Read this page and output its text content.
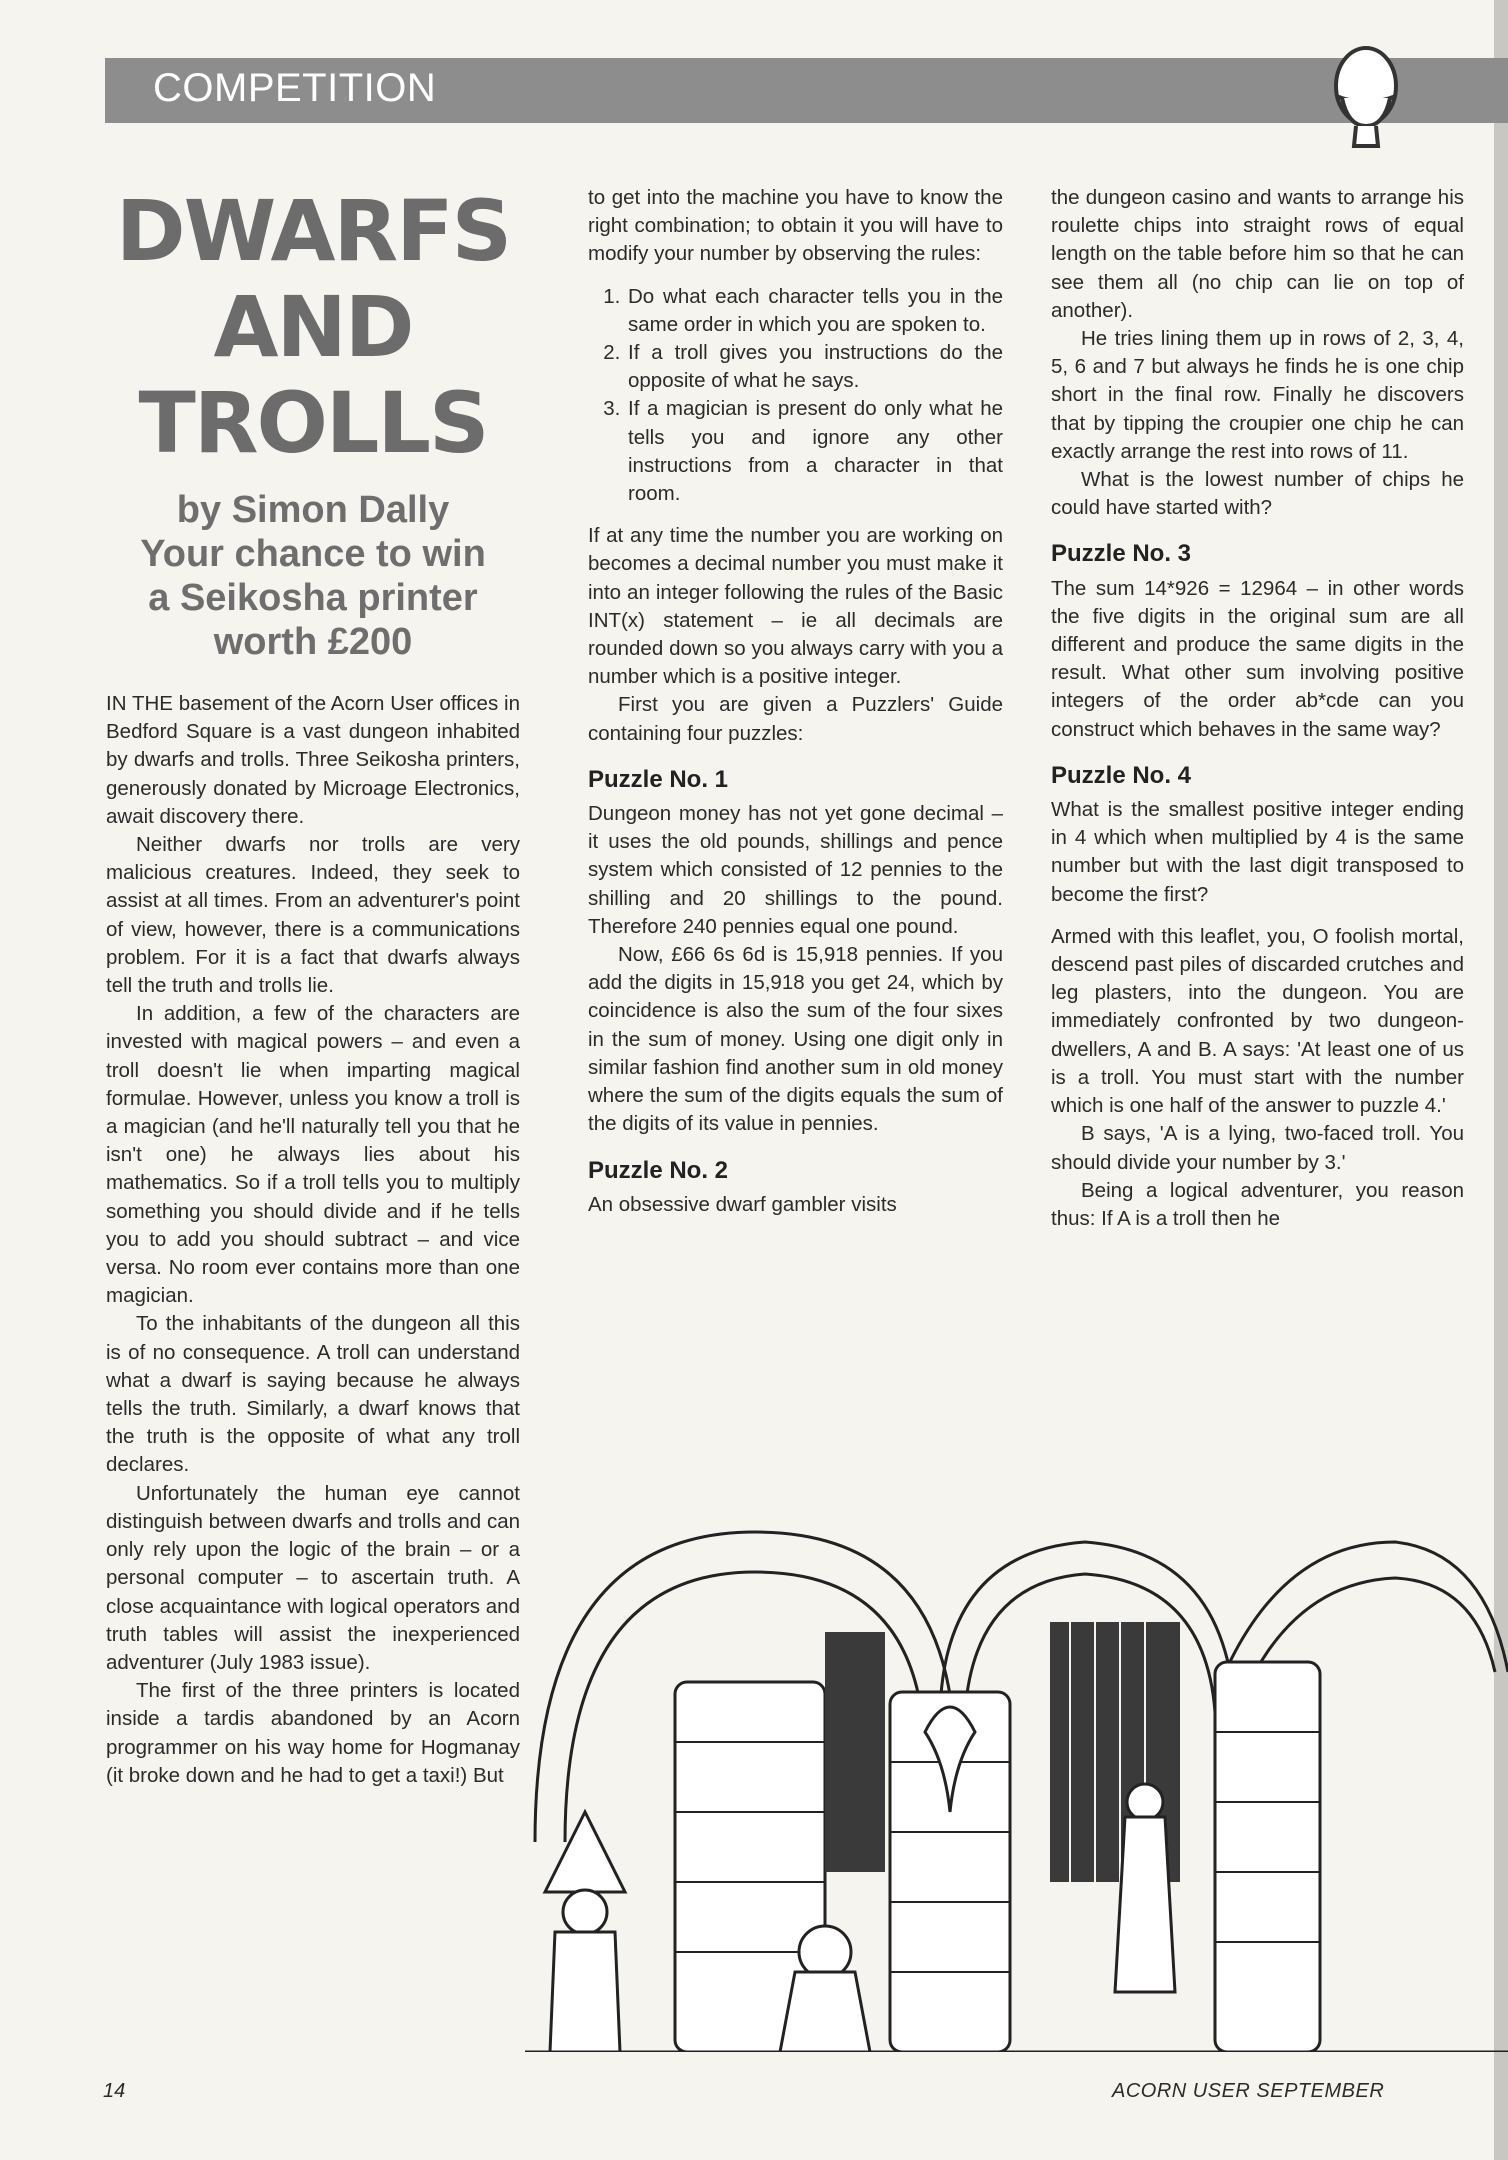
COMPETITION
DWARFS
AND
TROLLS
by Simon Dally
Your chance to win
a Seikosha printer
worth £200

IN THE basement of the Acorn User offices in Bedford Square is a vast dungeon inhabited by dwarfs and trolls. Three Seikosha printers, generously donated by Microage Electronics, await discovery there.

Neither dwarfs nor trolls are very malicious creatures. Indeed, they seek to assist at all times. From an adventurer's point of view, however, there is a communications problem. For it is a fact that dwarfs always tell the truth and trolls lie.

In addition, a few of the characters are invested with magical powers – and even a troll doesn't lie when imparting magical formulae. However, unless you know a troll is a magician (and he'll naturally tell you that he isn't one) he always lies about his mathematics. So if a troll tells you to multiply something you should divide and if he tells you to add you should subtract – and vice versa. No room ever contains more than one magician.

To the inhabitants of the dungeon all this is of no consequence. A troll can understand what a dwarf is saying because he always tells the truth. Similarly, a dwarf knows that the truth is the opposite of what any troll declares.

Unfortunately the human eye cannot distinguish between dwarfs and trolls and can only rely upon the logic of the brain – or a personal computer – to ascertain truth. A close acquaintance with logical operators and truth tables will assist the inexperienced adventurer (July 1983 issue).

The first of the three printers is located inside a tardis abandoned by an Acorn programmer on his way home for Hogmanay (it broke down and he had to get a taxi!) But

to get into the machine you have to know the right combination; to obtain it you will have to modify your number by observing the rules:

1. Do what each character tells you in the same order in which you are spoken to.
2. If a troll gives you instructions do the opposite of what he says.
3. If a magician is present do only what he tells you and ignore any other instructions from a character in that room.

If at any time the number you are working on becomes a decimal number you must make it into an integer following the rules of the Basic INT(x) statement – ie all decimals are rounded down so you always carry with you a number which is a positive integer.

First you are given a Puzzlers' Guide containing four puzzles:

Puzzle No. 1

Dungeon money has not yet gone decimal – it uses the old pounds, shillings and pence system which consisted of 12 pennies to the shilling and 20 shillings to the pound. Therefore 240 pennies equal one pound.

Now, £66 6s 6d is 15,918 pennies. If you add the digits in 15,918 you get 24, which by coincidence is also the sum of the four sixes in the sum of money. Using one digit only in similar fashion find another sum in old money where the sum of the digits equals the sum of the digits of its value in pennies.

Puzzle No. 2

An obsessive dwarf gambler visits

the dungeon casino and wants to arrange his roulette chips into straight rows of equal length on the table before him so that he can see them all (no chip can lie on top of another).

He tries lining them up in rows of 2, 3, 4, 5, 6 and 7 but always he finds he is one chip short in the final row. Finally he discovers that by tipping the croupier one chip he can exactly arrange the rest into rows of 11.

What is the lowest number of chips he could have started with?

Puzzle No. 3

The sum 14*926 = 12964 – in other words the five digits in the original sum are all different and produce the same digits in the result. What other sum involving positive integers of the order ab*cde can you construct which behaves in the same way?

Puzzle No. 4

What is the smallest positive integer ending in 4 which when multiplied by 4 is the same number but with the last digit transposed to become the first?

Armed with this leaflet, you, O foolish mortal, descend past piles of discarded crutches and leg plasters, into the dungeon. You are immediately confronted by two dungeon-dwellers, A and B. A says: 'At least one of us is a troll. You must start with the number which is one half of the answer to puzzle 4.'

B says, 'A is a lying, two-faced troll. You should divide your number by 3.'

Being a logical adventurer, you reason thus: If A is a troll then he

14	ACORN USER SEPTEMBER
